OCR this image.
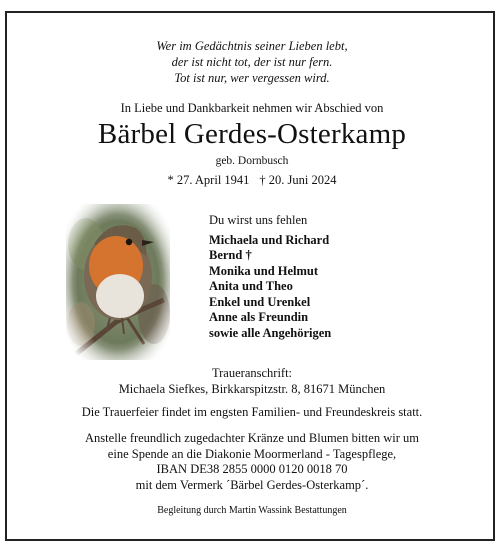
Wer im Gedächtnis seiner Lieben lebt,
der ist nicht tot, der ist nur fern.
Tot ist nur, wer vergessen wird.
In Liebe und Dankbarkeit nehmen wir Abschied von
Bärbel Gerdes-Osterkamp
geb. Dornbusch
* 27. April 1941 † 20. Juni 2024
Du wirst uns fehlen
Michaela und Richard
Bernd †
Monika und Helmut
Anita und Theo
Enkel und Urenkel
Anne als Freundin
sowie alle Angehörigen
Traueranschrift:
Michaela Siefkes, Birkkarspitzstr. 8, 81671 München
Die Trauerfeier findet im engsten Familien- und Freundeskreis statt.
Anstelle freundlich zugedachter Kränze und Blumen bitten wir um
eine Spende an die Diakonie Moormerland - Tagespflege,
IBAN DE38 2855 0000 0120 0018 70
mit dem Vermerk ´Bärbel Gerdes-Osterkamp´.
Begleitung durch Martin Wassink Bestattungen
